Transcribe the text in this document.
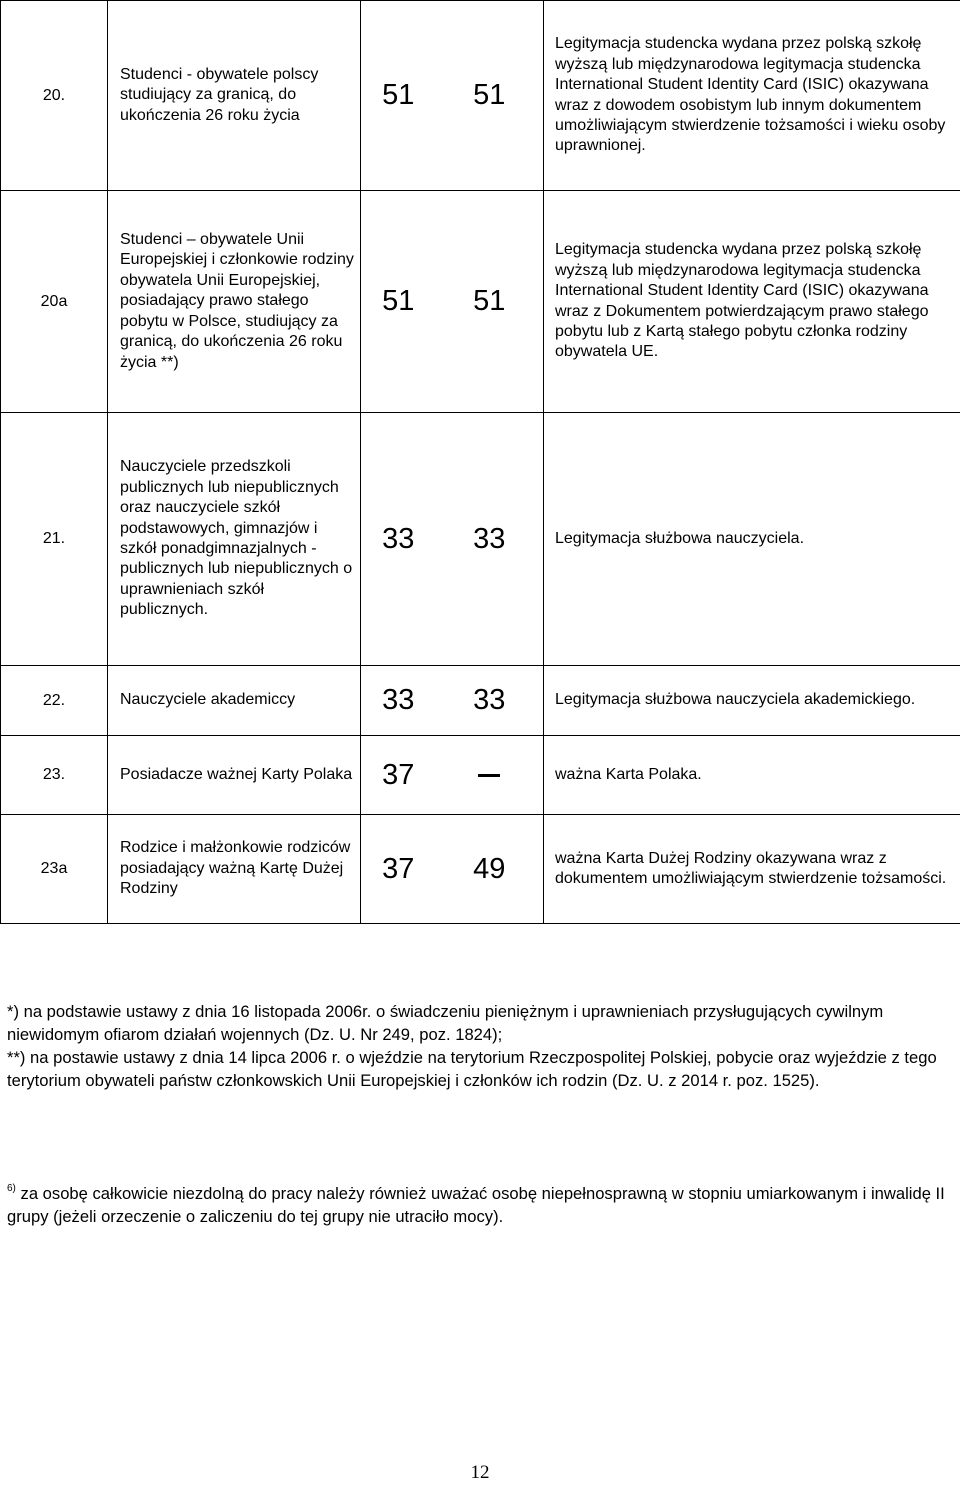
20.	Studenci - obywatele polscy studiujący za granicą, do ukończenia 26 roku życia	51	51	Legitymacja studencka wydana przez polską szkołę wyższą lub międzynarodowa legitymacja studencka International Student Identity Card (ISIC) okazywana wraz z dowodem osobistym lub innym dokumentem umożliwiającym stwierdzenie tożsamości i wieku osoby uprawnionej.
20a	Studenci – obywatele Unii Europejskiej i członkowie rodziny obywatela Unii Europejskiej, posiadający prawo stałego pobytu w Polsce, studiujący za granicą, do ukończenia 26 roku życia **)	51	51	Legitymacja studencka wydana przez polską szkołę wyższą lub międzynarodowa legitymacja studencka International Student Identity Card (ISIC) okazywana wraz z Dokumentem potwierdzającym prawo stałego pobytu lub z Kartą stałego pobytu członka rodziny obywatela UE.
21.	Nauczyciele przedszkoli publicznych lub niepublicznych oraz nauczyciele szkół podstawowych, gimnazjów i szkół ponadgimnazjalnych - publicznych lub niepublicznych o uprawnieniach szkół publicznych.	33	33	Legitymacja służbowa nauczyciela.
22.	Nauczyciele akademiccy	33	33	Legitymacja służbowa nauczyciela akademickiego.
23.	Posiadacze ważnej Karty Polaka	37		ważna Karta Polaka.
23a	Rodzice i małżonkowie rodziców posiadający ważną Kartę Dużej Rodziny	37	49	ważna Karta Dużej Rodziny okazywana wraz z dokumentem umożliwiającym stwierdzenie tożsamości.

*) na podstawie ustawy z dnia 16 listopada 2006r. o świadczeniu pieniężnym i uprawnieniach przysługujących cywilnym niewidomym ofiarom działań wojennych (Dz. U. Nr 249, poz. 1824);

**) na postawie ustawy z dnia 14 lipca 2006 r. o wjeździe na terytorium Rzeczpospolitej Polskiej, pobycie oraz wyjeździe z tego terytorium obywateli państw członkowskich Unii Europejskiej i członków ich rodzin (Dz. U. z 2014 r. poz. 1525).

$^{6)}$ za osobę całkowicie niezdolną do pracy należy również uważać osobę niepełnosprawną w stopniu umiarkowanym i inwalidę II grupy (jeżeli orzeczenie o zaliczeniu do tej grupy nie utraciło mocy).
12
